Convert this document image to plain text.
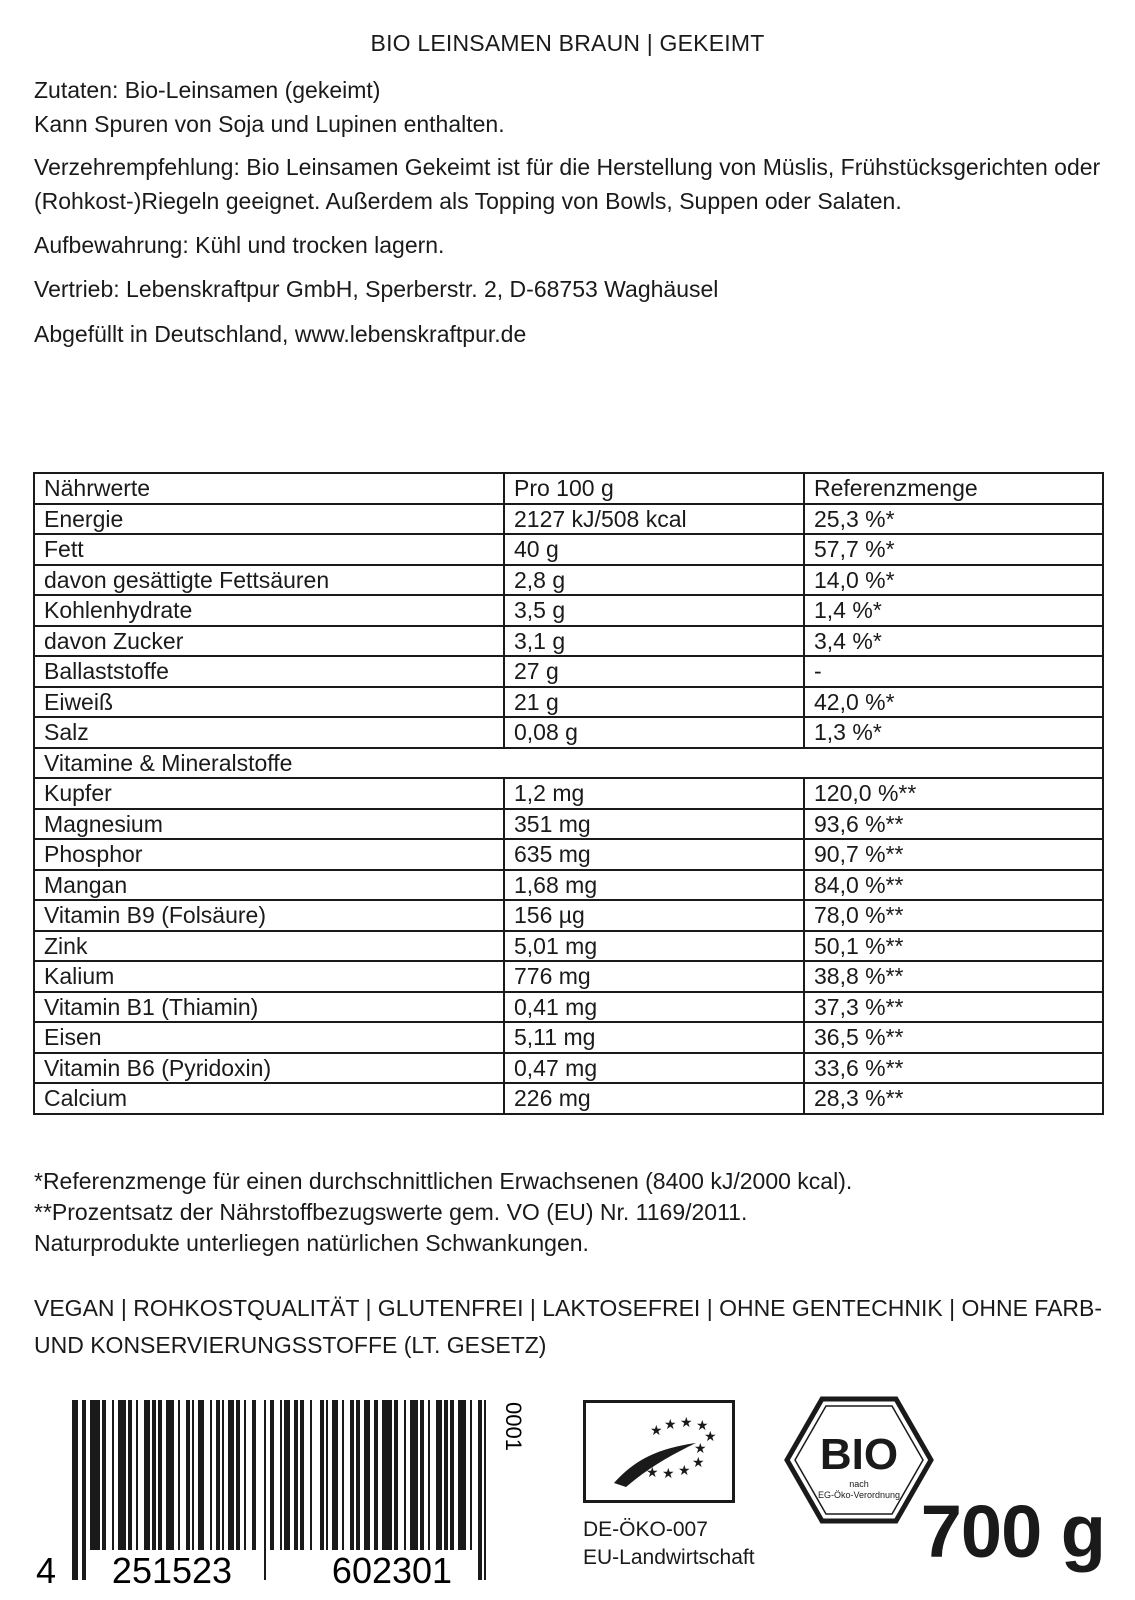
BIO LEINSAMEN BRAUN | GEKEIMT

Zutaten: Bio-Leinsamen (gekeimt)

Kann Spuren von Soja und Lupinen enthalten.

Verzehrempfehlung: Bio Leinsamen Gekeimt ist für die Herstellung von Müslis, Frühstücksgerichten oder (Rohkost-)Riegeln geeignet. Außerdem als Topping von Bowls, Suppen oder Salaten.

Aufbewahrung: Kühl und trocken lagern.

Vertrieb: Lebenskraftpur GmbH, Sperberstr. 2, D-68753 Waghäusel

Abgefüllt in Deutschland, www.lebenskraftpur.de

Nährwerte	Pro 100 g	Referenzmenge
Energie	2127 kJ/508 kcal	25,3 %*
Fett	40 g	57,7 %*
davon gesättigte Fettsäuren	2,8 g	14,0 %*
Kohlenhydrate	3,5 g	1,4 %*
davon Zucker	3,1 g	3,4 %*
Ballaststoffe	27 g	-
Eiweiß	21 g	42,0 %*
Salz	0,08 g	1,3 %*
Vitamine & Mineralstoffe		
Kupfer	1,2 mg	120,0 %**
Magnesium	351 mg	93,6 %**
Phosphor	635 mg	90,7 %**
Mangan	1,68 mg	84,0 %**
Vitamin B9 (Folsäure)	156 µg	78,0 %**
Zink	5,01 mg	50,1 %**
Kalium	776 mg	38,8 %**
Vitamin B1 (Thiamin)	0,41 mg	37,3 %**
Eisen	5,11 mg	36,5 %**
Vitamin B6 (Pyridoxin)	0,47 mg	33,6 %**
Calcium	226 mg	28,3 %**

*Referenzmenge für einen durchschnittlichen Erwachsenen (8400 kJ/2000 kcal).

**Prozentsatz der Nährstoffbezugswerte gem. VO (EU) Nr. 1169/2011.

Naturprodukte unterliegen natürlichen Schwankungen.

VEGAN | ROHKOSTQUALITÄT | GLUTENFREI | LAKTOSEFREI | OHNE GENTECHNIK | OHNE FARB- UND KONSERVIERUNGSSTOFFE (LT. GESETZ)
4 251523	602301
0001	★ ★ ★
★	★
★
★
★
★
★
DE-ÖKO-007
EU-Landwirtschaft
BIO
nach
EG-Öko-Verordnung 700 g
